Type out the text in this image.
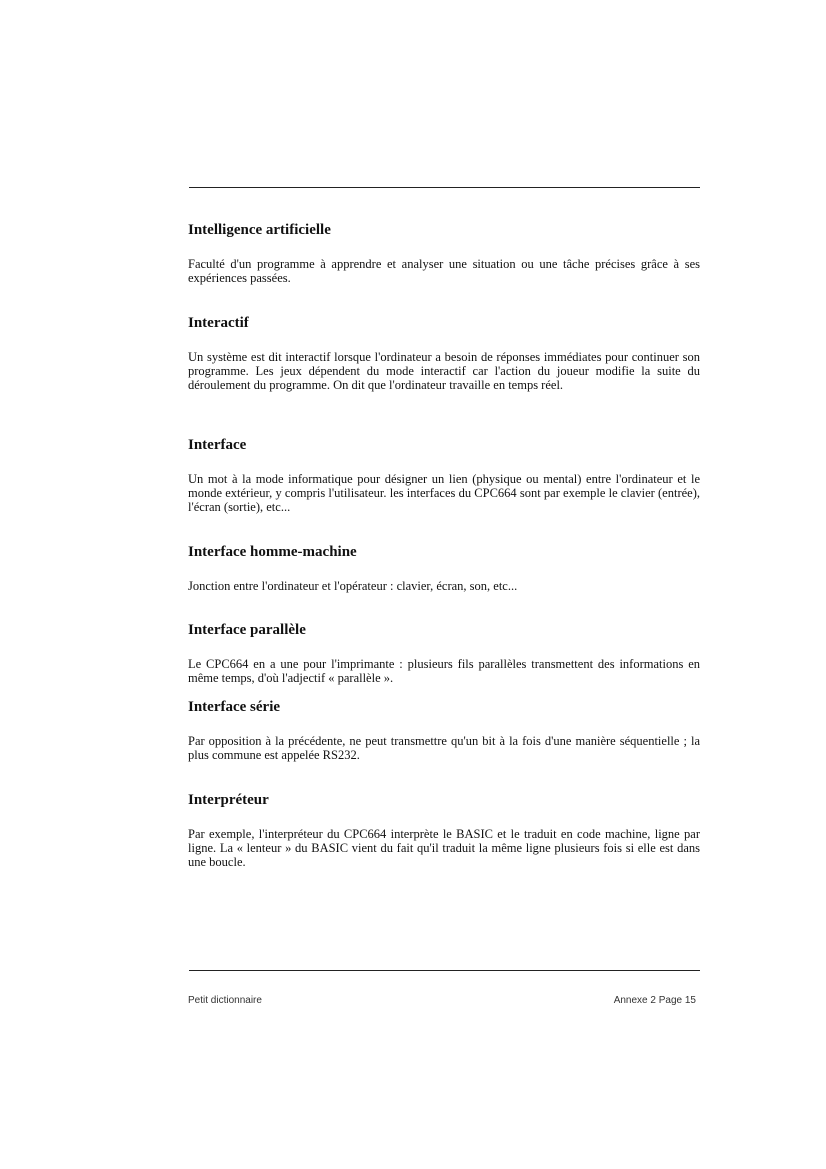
Intelligence artificielle

Faculté d'un programme à apprendre et analyser une situation ou une tâche précises grâce à ses expériences passées.

Interactif

Un système est dit interactif lorsque l'ordinateur a besoin de réponses immédiates pour continuer son programme. Les jeux dépendent du mode interactif car l'action du joueur modifie la suite du déroulement du programme. On dit que l'ordinateur travaille en temps réel.

Interface

Un mot à la mode informatique pour désigner un lien (physique ou mental) entre l'ordinateur et le monde extérieur, y compris l'utilisateur. les interfaces du CPC664 sont par exemple le clavier (entrée), l'écran (sortie), etc...

Interface homme-machine

Jonction entre l'ordinateur et l'opérateur : clavier, écran, son, etc...

Interface parallèle

Le CPC664 en a une pour l'imprimante : plusieurs fils parallèles transmettent des informations en même temps, d'où l'adjectif « parallèle ».

Interface série

Par opposition à la précédente, ne peut transmettre qu'un bit à la fois d'une manière séquentielle ; la plus commune est appelée RS232.

Interpréteur

Par exemple, l'interpréteur du CPC664 interprète le BASIC et le traduit en code machine, ligne par ligne. La « lenteur » du BASIC vient du fait qu'il traduit la même ligne plusieurs fois si elle est dans une boucle.

Petit dictionnaire	Annexe 2 Page 15
